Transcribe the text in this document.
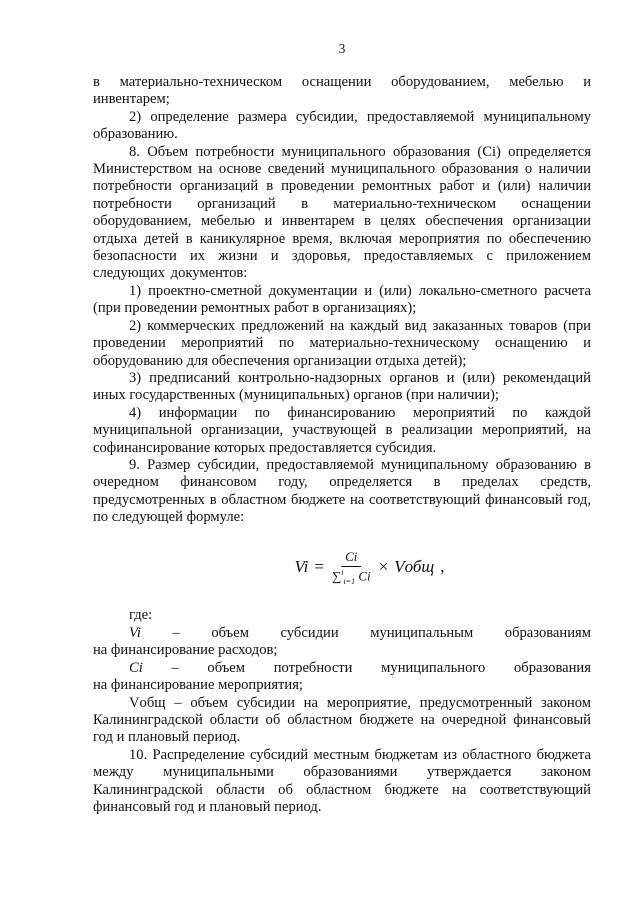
3

в материально-техническом оснащении оборудованием, мебелью и инвентарем;

2) определение размера субсидии, предоставляемой муниципальному образованию.

8. Объем потребности муниципального образования (Ci) определяется Министерством на основе сведений муниципального образования о наличии потребности организаций в проведении ремонтных работ и (или) наличии потребности организаций в материально-техническом оснащении оборудованием, мебелью и инвентарем в целях обеспечения организации отдыха детей в каникулярное время, включая мероприятия по обеспечению безопасности их жизни и здоровья, предоставляемых с приложением следующих документов:

1) проектно-сметной документации и (или) локально-сметного расчета (при проведении ремонтных работ в организациях);

2) коммерческих предложений на каждый вид заказанных товаров (при проведении мероприятий по материально-техническому оснащению и оборудованию для обеспечения организации отдыха детей);

3) предписаний контрольно-надзорных органов и (или) рекомендаций иных государственных (муниципальных) органов (при наличии);

4) информации по финансированию мероприятий по каждой муниципальной организации, участвующей в реализации мероприятий, на софинансирование которых предоставляется субсидия.

9. Размер субсидии, предоставляемой муниципальному образованию в очередном финансовом году, определяется в пределах средств, предусмотренных в областном бюджете на соответствующий финансовый год, по следующей формуле:

$Vi = \frac{Ci}{\sum^i_{i=1} Ci}$ × Vобщ ,

где:

Vi – объем субсидии муниципальным образованиям

на финансирование расходов;

Ci – объем потребности муниципального образования

на финансирование мероприятия;

Vобщ – объем субсидии на мероприятие, предусмотренный законом Калининградской области об областном бюджете на очередной финансовый год и плановый период.

10. Распределение субсидий местным бюджетам из областного бюджета между муниципальными образованиями утверждается законом Калининградской области об областном бюджете на соответствующий финансовый год и плановый период.
